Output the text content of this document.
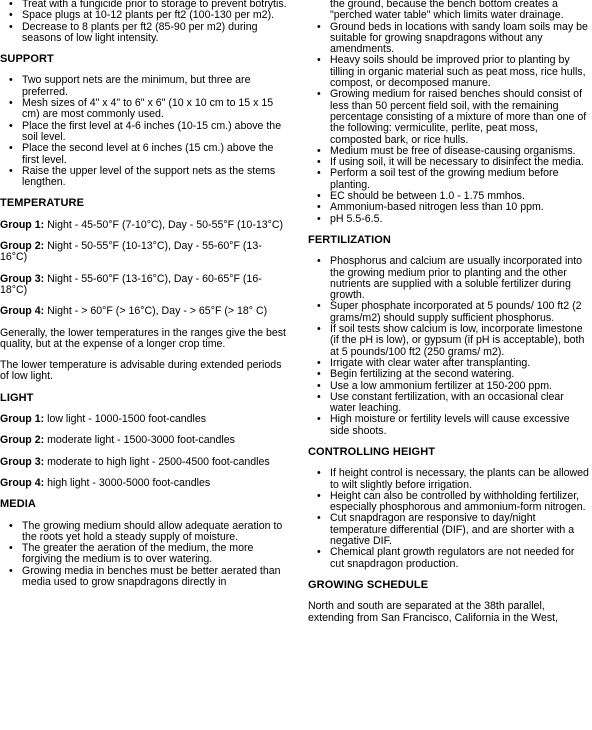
• Treat with a fungicide prior to storage to prevent botrytis.
• Space plugs at 10-12 plants per ft2 (100-130 per m2).
• Decrease to 8 plants per ft2 (85-90 per m2) during seasons of low light intensity.
SUPPORT
• Two support nets are the minimum, but three are preferred.
• Mesh sizes of 4" x 4" to 6" x 6" (10 x 10 cm to 15 x 15 cm) are most commonly used.
• Place the first level at 4-6 inches (10-15 cm.) above the soil level.
• Place the second level at 6 inches (15 cm.) above the first level.
• Raise the upper level of the support nets as the stems lengthen.
TEMPERATURE

Group 1: Night - 45-50°F (7-10°C), Day - 50-55°F (10-13°C)

Group 2: Night - 50-55°F (10-13°C), Day - 55-60°F (13-16°C)

Group 3: Night - 55-60°F (13-16°C), Day - 60-65°F (16-18°C)

Group 4: Night - > 60°F (> 16°C), Day - > 65°F (> 18° C)

Generally, the lower temperatures in the ranges give the best quality, but at the expense of a longer crop time.

The lower temperature is advisable during extended periods of low light.

LIGHT

Group 1: low light - 1000-1500 foot-candles

Group 2: moderate light - 1500-3000 foot-candles

Group 3: moderate to high light - 2500-4500 foot-candles

Group 4: high light - 3000-5000 foot-candles

MEDIA
• The growing medium should allow adequate aeration to the roots yet hold a steady supply of moisture.
• The greater the aeration of the medium, the more forgiving the medium is to over watering.
• Growing media in benches must be better aerated than media used to grow snapdragons directly in

the ground, because the bench bottom creates a "perched water table" which limits water drainage.

• Ground beds in locations with sandy loam soils may be suitable for growing snapdragons without any amendments.
• Heavy soils should be improved prior to planting by tilling in organic material such as peat moss, rice hulls, compost, or decomposed manure.
• Growing medium for raised benches should consist of less than 50 percent field soil, with the remaining percentage consisting of a mixture of more than one of the following: vermiculite, perlite, peat moss, composted bark, or rice hulls.
• Medium must be free of disease-causing organisms.
• If using soil, it will be necessary to disinfect the media.
• Perform a soil test of the growing medium before planting.
• EC should be between 1.0 - 1.75 mmhos.
• Ammonium-based nitrogen less than 10 ppm.
• pH 5.5-6.5.
FERTILIZATION
• Phosphorus and calcium are usually incorporated into the growing medium prior to planting and the other nutrients are supplied with a soluble fertilizer during growth.
• Super phosphate incorporated at 5 pounds/ 100 ft2 (2 grams/m2) should supply sufficient phosphorus.
• If soil tests show calcium is low, incorporate limestone (if the pH is low), or gypsum (if pH is acceptable), both at 5 pounds/100 ft2 (250 grams/ m2).
• Irrigate with clear water after transplanting.
• Begin fertilizing at the second watering.
• Use a low ammonium fertilizer at 150-200 ppm.
• Use constant fertilization, with an occasional clear water leaching.
• High moisture or fertility levels will cause excessive side shoots.
CONTROLLING HEIGHT
• If height control is necessary, the plants can be allowed to wilt slightly before irrigation.
• Height can also be controlled by withholding fertilizer, especially phosphorous and ammonium-form nitrogen.
• Cut snapdragon are responsive to day/night temperature differential (DIF), and are shorter with a negative DIF.
• Chemical plant growth regulators are not needed for cut snapdragon production.
GROWING SCHEDULE

North and south are separated at the 38th parallel, extending from San Francisco, California in the West,
